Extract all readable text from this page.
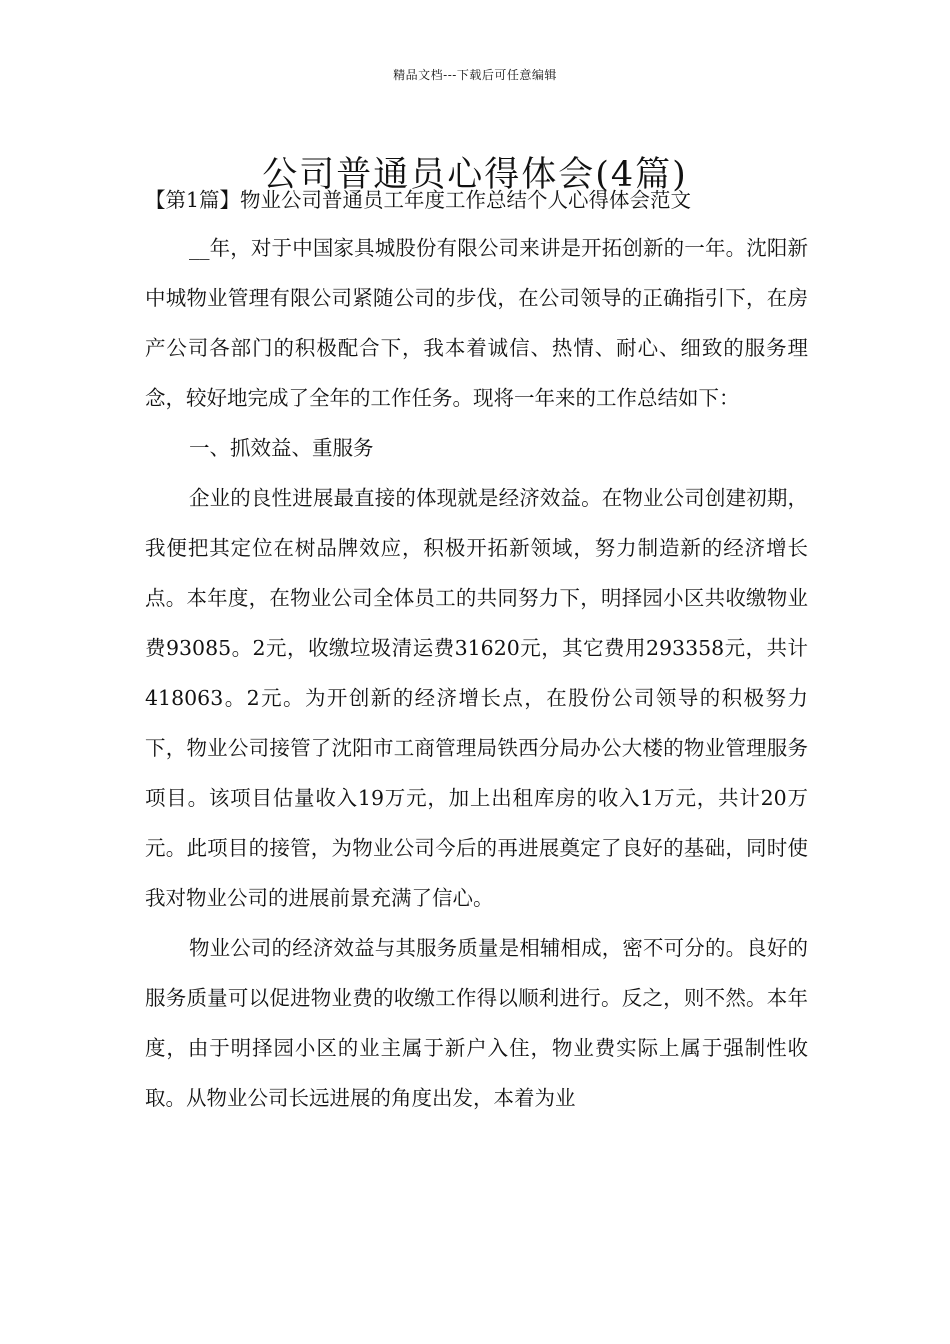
精品文档---下载后可任意编辑
公司普通员心得体会(4篇)
【第1篇】物业公司普通员工年度工作总结个人心得体会范文

__年，对于中国家具城股份有限公司来讲是开拓创新的一年。沈阳新中城物业管理有限公司紧随公司的步伐，在公司领导的正确指引下，在房产公司各部门的积极配合下，我本着诚信、热情、耐心、细致的服务理念，较好地完成了全年的工作任务。现将一年来的工作总结如下：

一、抓效益、重服务

企业的良性进展最直接的体现就是经济效益。在物业公司创建初期，我便把其定位在树品牌效应，积极开拓新领域，努力制造新的经济增长点。本年度，在物业公司全体员工的共同努力下，明择园小区共收缴物业费93085。2元，收缴垃圾清运费31620元，其它费用293358元，共计418063。2元。为开创新的经济增长点，在股份公司领导的积极努力下，物业公司接管了沈阳市工商管理局铁西分局办公大楼的物业管理服务项目。该项目估量收入19万元，加上出租库房的收入1万元，共计20万元。此项目的接管，为物业公司今后的再进展奠定了良好的基础，同时使我对物业公司的进展前景充满了信心。

物业公司的经济效益与其服务质量是相辅相成，密不可分的。良好的服务质量可以促进物业费的收缴工作得以顺利进行。反之，则不然。本年度，由于明择园小区的业主属于新户入住，物业费实际上属于强制性收取。从物业公司长远进展的角度出发，本着为业
